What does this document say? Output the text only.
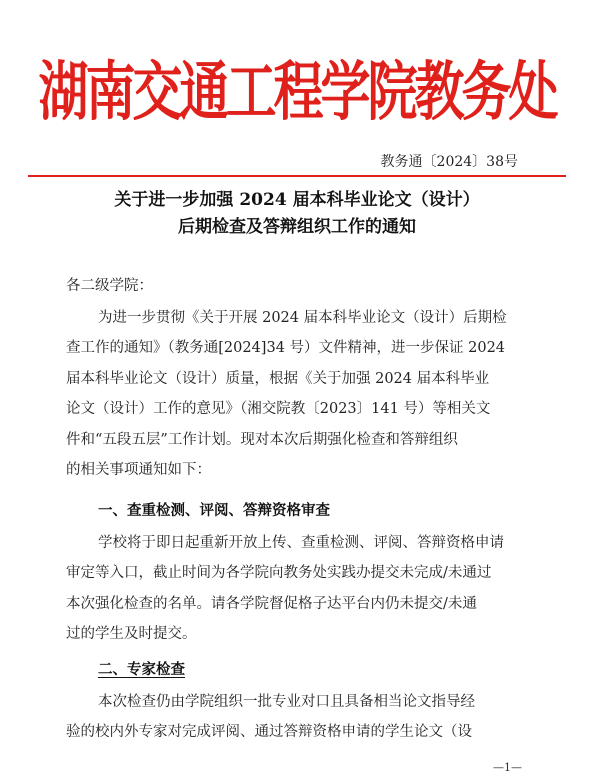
湖南交通工程学院教务处
教务通〔2024〕38号
关于进一步加强 2024 届本科毕业论文（设计）
后期检查及答辩组织工作的通知
各二级学院：
为进一步贯彻《关于开展 2024 届本科毕业论文（设计）后期检
查工作的通知》（教务通[2024]34 号）文件精神，进一步保证 2024
届本科毕业论文（设计）质量，根据《关于加强 2024 届本科毕业
论文（设计）工作的意见》（湘交院教〔2023〕141 号）等相关文
件和“五段五层”工作计划。现对本次后期强化检查和答辩组织
的相关事项通知如下：
一、查重检测、评阅、答辩资格审查
学校将于即日起重新开放上传、查重检测、评阅、答辩资格申请
审定等入口，截止时间为各学院向教务处实践办提交未完成/未通过
本次强化检查的名单。请各学院督促格子达平台内仍未提交/未通
过的学生及时提交。
二、专家检查
本次检查仍由学院组织一批专业对口且具备相当论文指导经
验的校内外专家对完成评阅、通过答辩资格申请的学生论文（设
—1—
